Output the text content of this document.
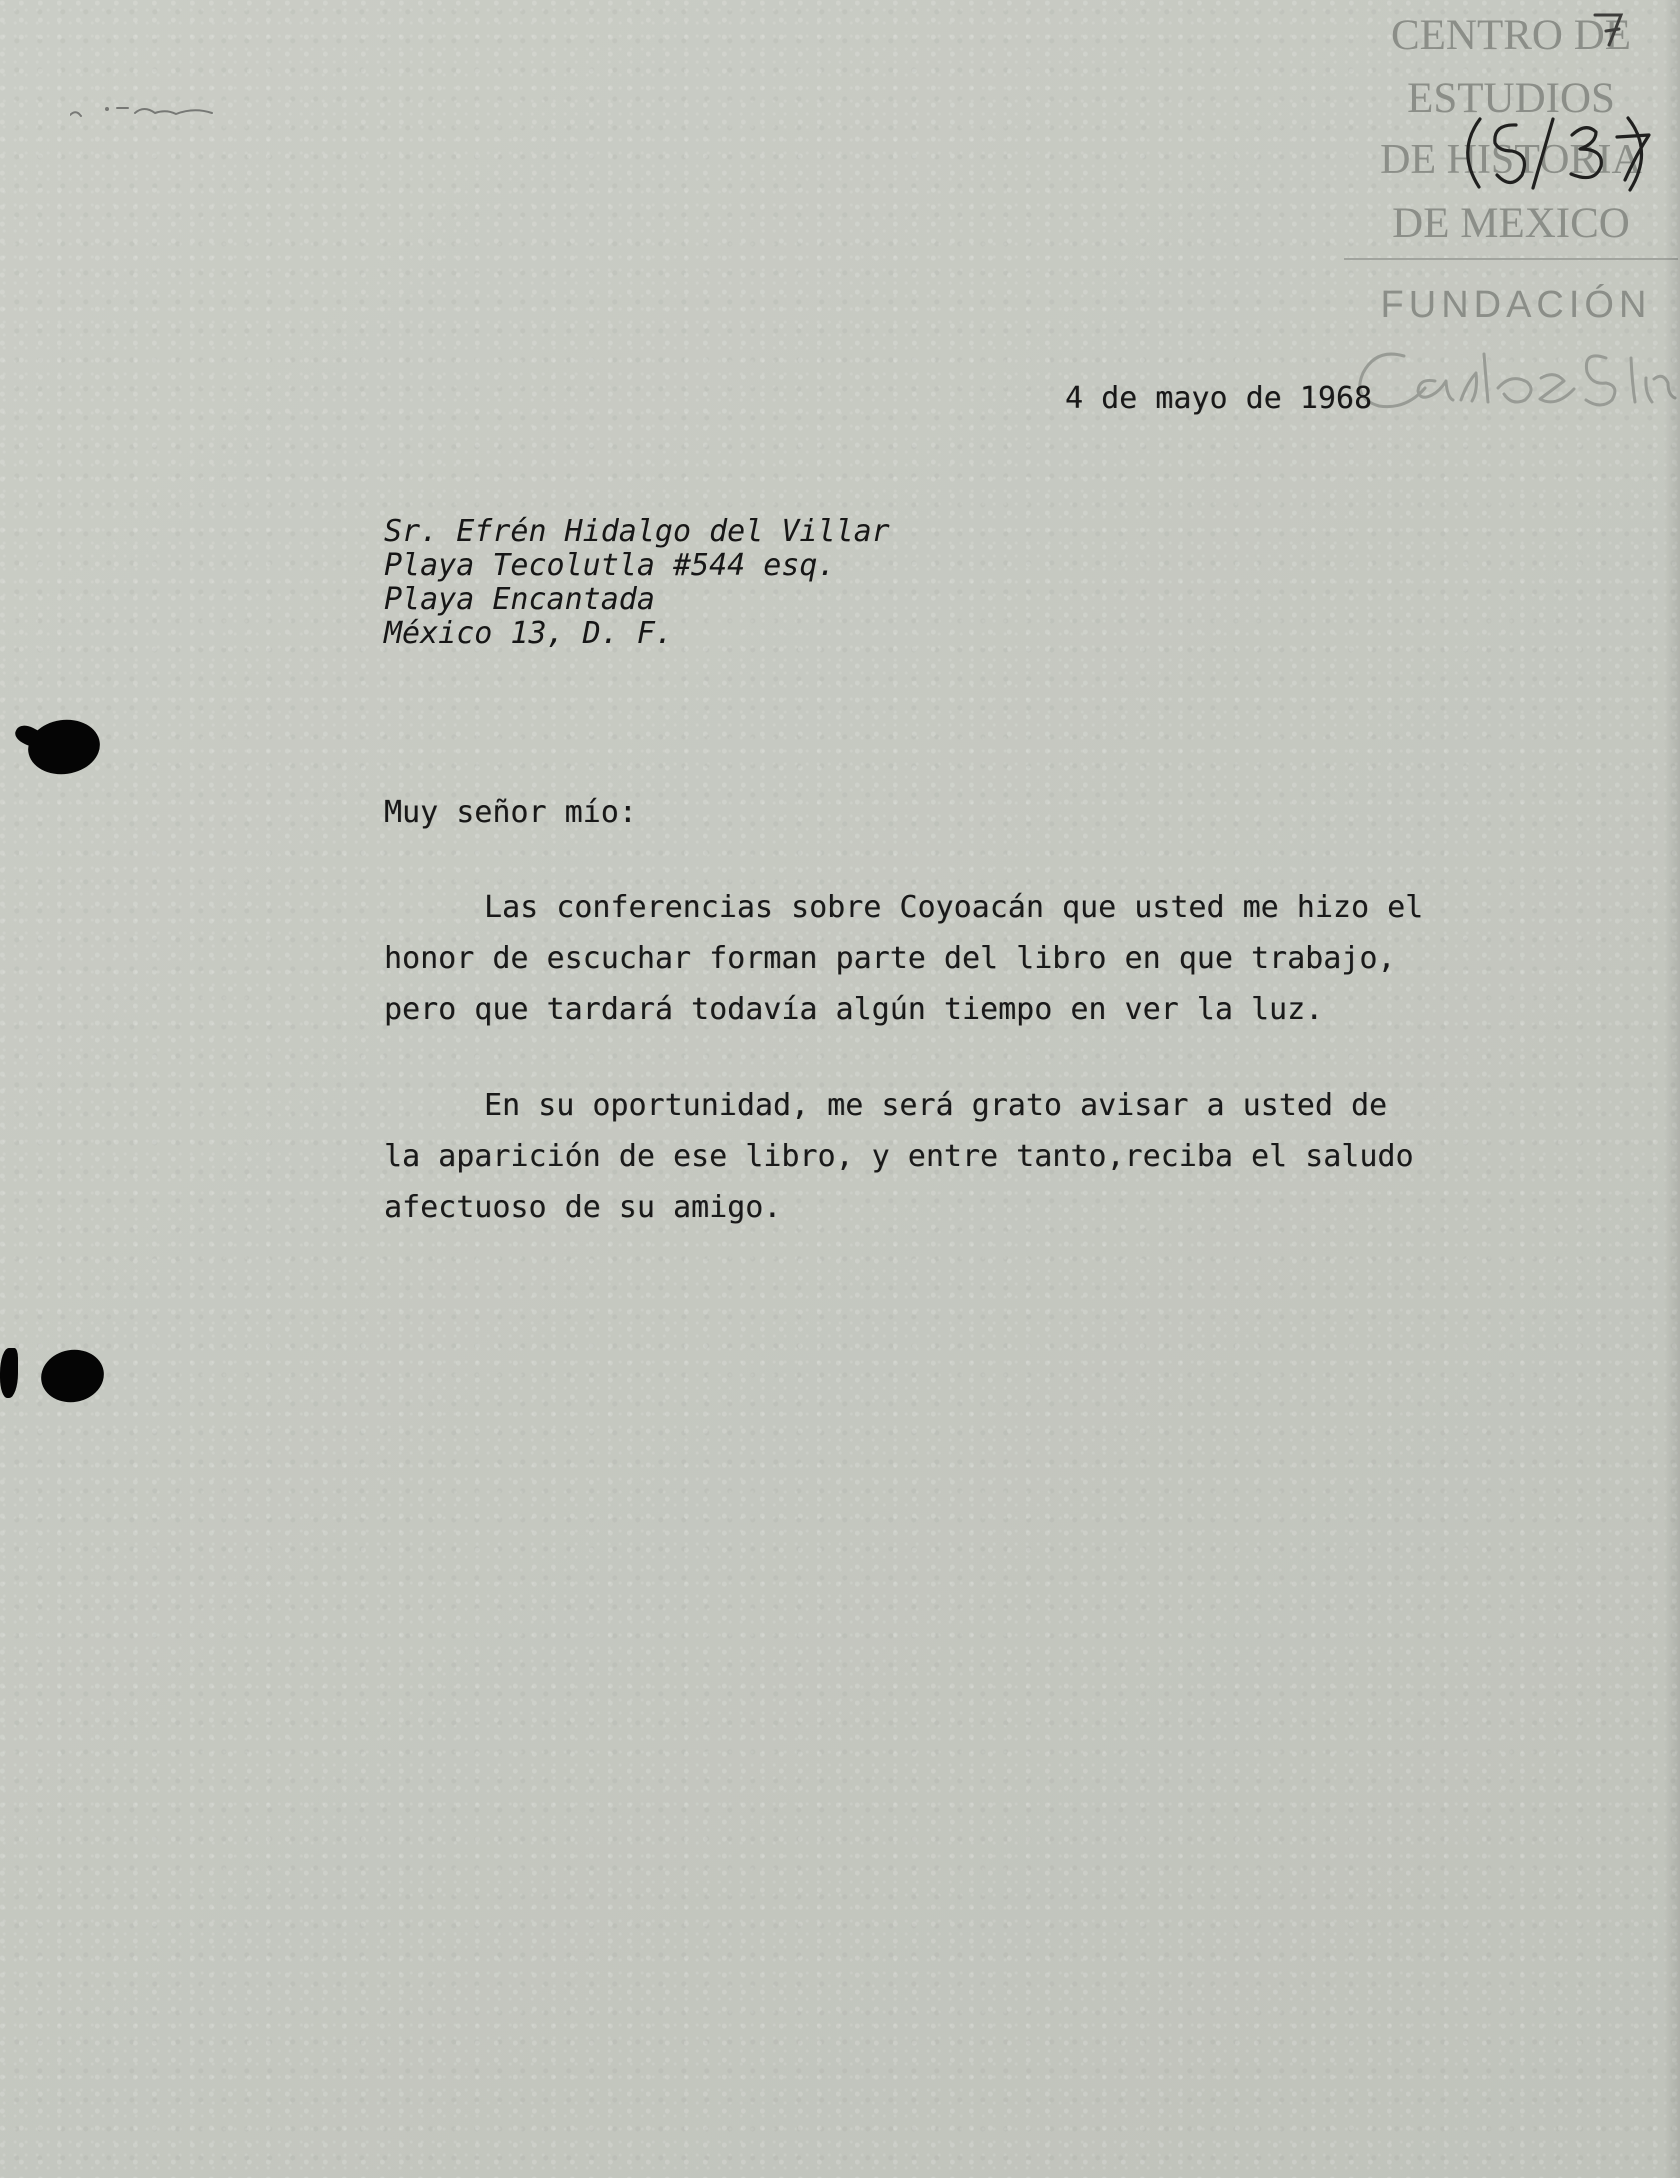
CENTRO DE
ESTUDIOS
DE HISTORIA
DE MEXICO
FUNDACIÓN

4 de mayo de 1968

Sr. Efrén Hidalgo del Villar
Playa Tecolutla #544 esq.
Playa Encantada
México 13, D. F.

Muy señor mío:

Las conferencias sobre Coyoacán que usted me hizo el
honor de escuchar forman parte del libro en que trabajo,
pero que tardará todavía algún tiempo en ver la luz.
En su oportunidad, me será grato avisar a usted de
la aparición de ese libro, y entre tanto,reciba el saludo
afectuoso de su amigo.
